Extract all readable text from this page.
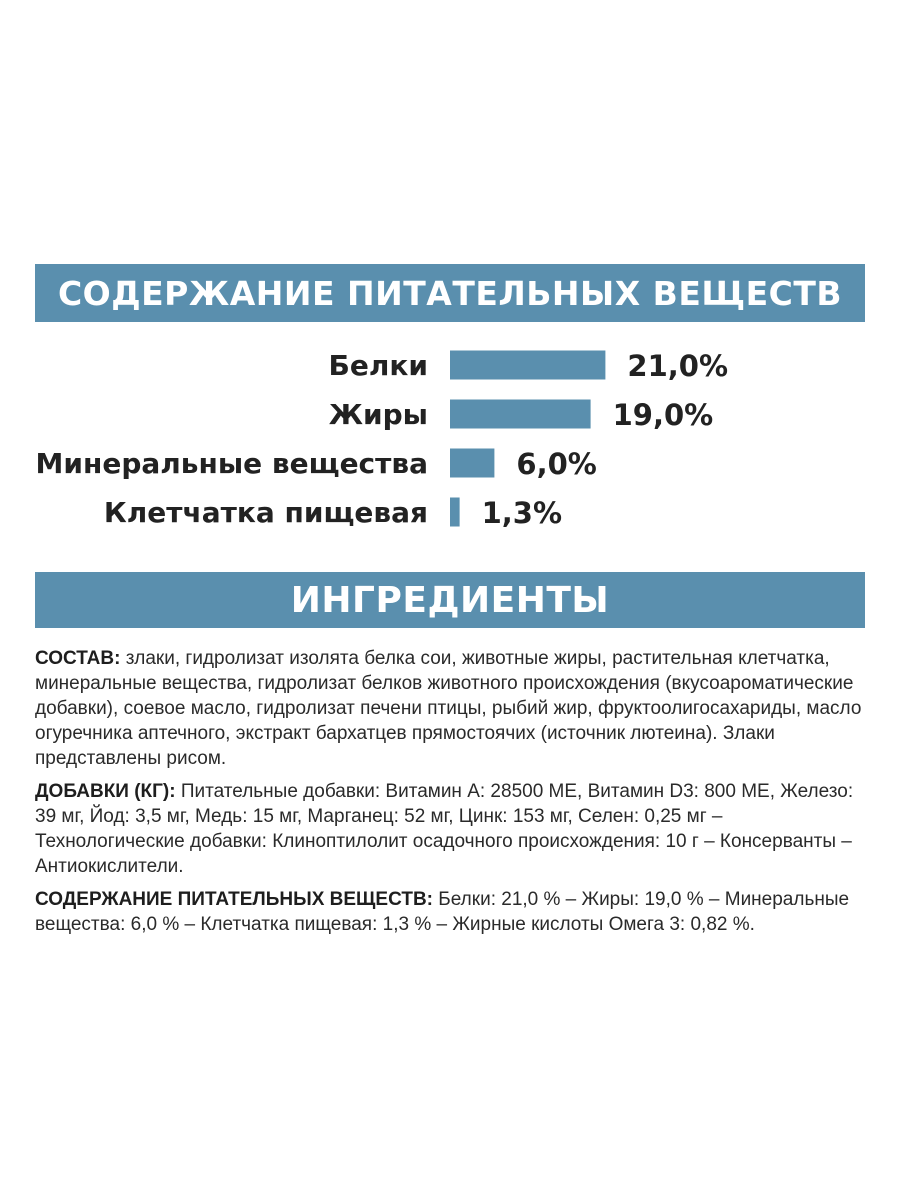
СОДЕРЖАНИЕ ПИТАТЕЛЬНЫХ ВЕЩЕСТВ
Белки	21,0%
Жиры	19,0%
Минеральные вещества	6,0%
Клетчатка пищевая 1,3%
ИНГРЕДИЕНТЫ

СОСТАВ: злаки, гидролизат изолята белка сои, животные жиры, растительная клетчатка, минеральные вещества, гидролизат белков животного происхождения (вкусоароматические добавки), соевое масло, гидролизат печени птицы, рыбий жир, фруктоолигосахариды, масло огуречника аптечного, экстракт бархатцев прямостоячих (источник лютеина). Злаки представлены рисом.

ДОБАВКИ (КГ): Питательные добавки: Витамин А: 28500 МЕ, Витамин D3: 800 МЕ, Железо: 39 мг, Йод: 3,5 мг, Медь: 15 мг, Марганец: 52 мг, Цинк: 153 мг, Селен: 0,25 мг – Технологические добавки: Клиноптилолит осадочного происхождения: 10 г – Консерванты – Антиокислители.

СОДЕРЖАНИЕ ПИТАТЕЛЬНЫХ ВЕЩЕСТВ: Белки: 21,0 % – Жиры: 19,0 % – Минеральные вещества: 6,0 % – Клетчатка пищевая: 1,3 % – Жирные кислоты Омега 3: 0,82 %.
